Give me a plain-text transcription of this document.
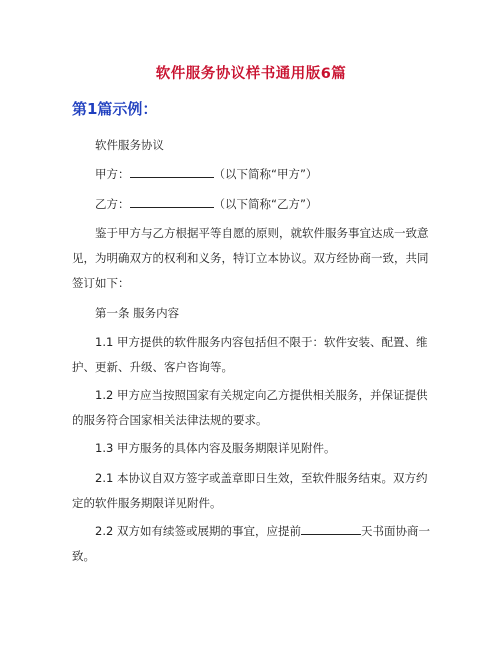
软件服务协议样书通用版6篇
第1篇示例：

软件服务协议

甲方：	（以下简称“甲方”）

乙方：	（以下简称“乙方”）

鉴于甲方与乙方根据平等自愿的原则，就软件服务事宜达成一致意见，为明确双方的权利和义务，特订立本协议。双方经协商一致，共同签订如下：

第一条 服务内容

1.1 甲方提供的软件服务内容包括但不限于：软件安装、配置、维护、更新、升级、客户咨询等。

1.2 甲方应当按照国家有关规定向乙方提供相关服务，并保证提供的服务符合国家相关法律法规的要求。

1.3 甲方服务的具体内容及服务期限详见附件。

2.1 本协议自双方签字或盖章即日生效，至软件服务结束。双方约定的软件服务期限详见附件。

2.2 双方如有续签或展期的事宜，应提前	天书面协商一致。
